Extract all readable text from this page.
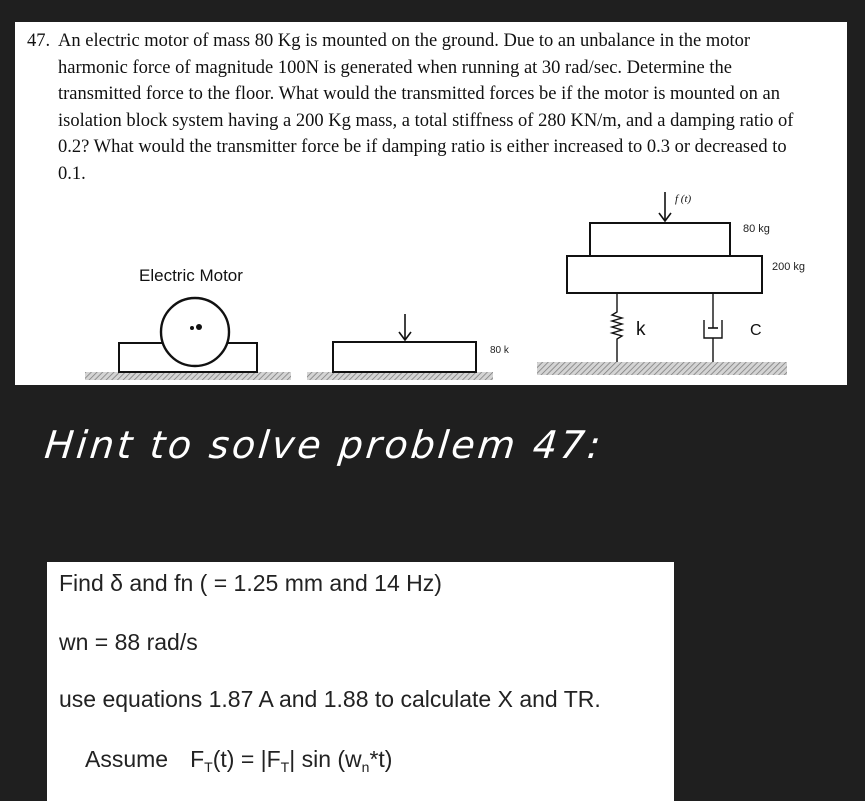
47. An electric motor of mass 80 Kg is mounted on the ground. Due to an unbalance in the motor
harmonic force of magnitude 100N is generated when running at 30 rad/sec. Determine the
transmitted force to the floor. What would the transmitted forces be if the motor is mounted on an
isolation block system having a 200 Kg mass, a total stiffness of 280 KN/m, and a damping ratio of
0.2? What would the transmitter force be if damping ratio is either increased to 0.3 or decreased to
0.1.
Electric Motor
80 k
f (t)
80 kg
200 kg
k	C
Hint to solve problem 47:
Find δ and fn ( = 1.25 mm and 14 Hz)
wn = 88 rad/s
use equations 1.87 A and 1.88 to calculate X and TR.
Assume $F_T(t) = |F_T|$ $\sin (w_n*t)$
